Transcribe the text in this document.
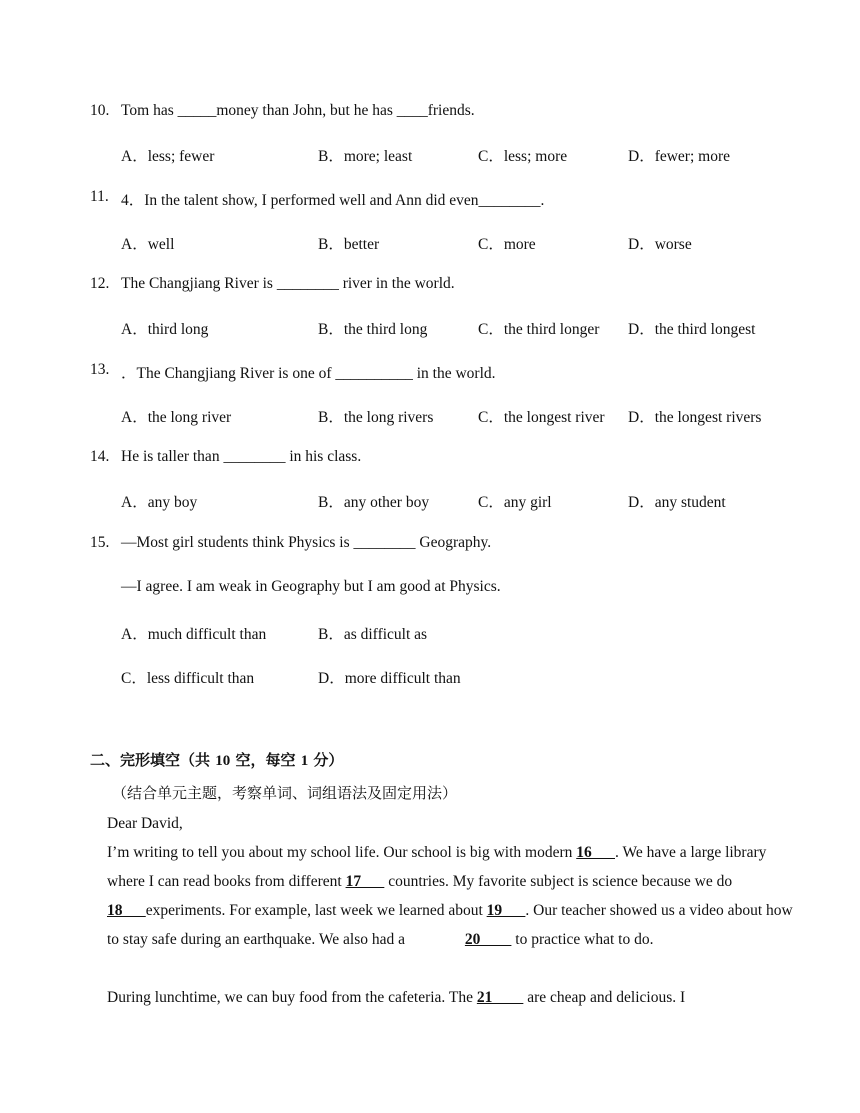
10. Tom has _____money than John, but he has ____friends.
A．less; fewer	B．more; least	C．less; more	D．fewer; more
11. 4．In the talent show, I performed well and Ann did even________.
A．well	B．better	C．more	D．worse
12. The Changjiang River is ________ river in the world.
A．third long	B．the third long	C．the third longer D．the third longest
13. ．The Changjiang River is one of __________ in the world.
A．the long river	B．the long rivers	C．the longest river D．the longest rivers
14. He is taller than ________ in his class.
A．any boy	B．any other boy	C．any girl	D．any student
15. —Most girl students think Physics is ________ Geography.
—I agree. I am weak in Geography but I am good at Physics.
A．much difficult than	B．as difficult as
C．less difficult than	D．more difficult than
二、完形填空（共 10 空，每空 1 分）
（结合单元主题，考察单词、词组语法及固定用法）
Dear David,
I’m writing to tell you about my school life. Our school is big with modern 16      . We have a large library where I can read books from different 17       countries. My favorite subject is science because we do 18      experiments. For example, last week we learned about 19      . Our teacher showed us a video about how to stay safe during an earthquake. We also had a	20         to practice what to do.
During lunchtime, we can buy food from the cafeteria. The 21         are cheap and delicious. I
